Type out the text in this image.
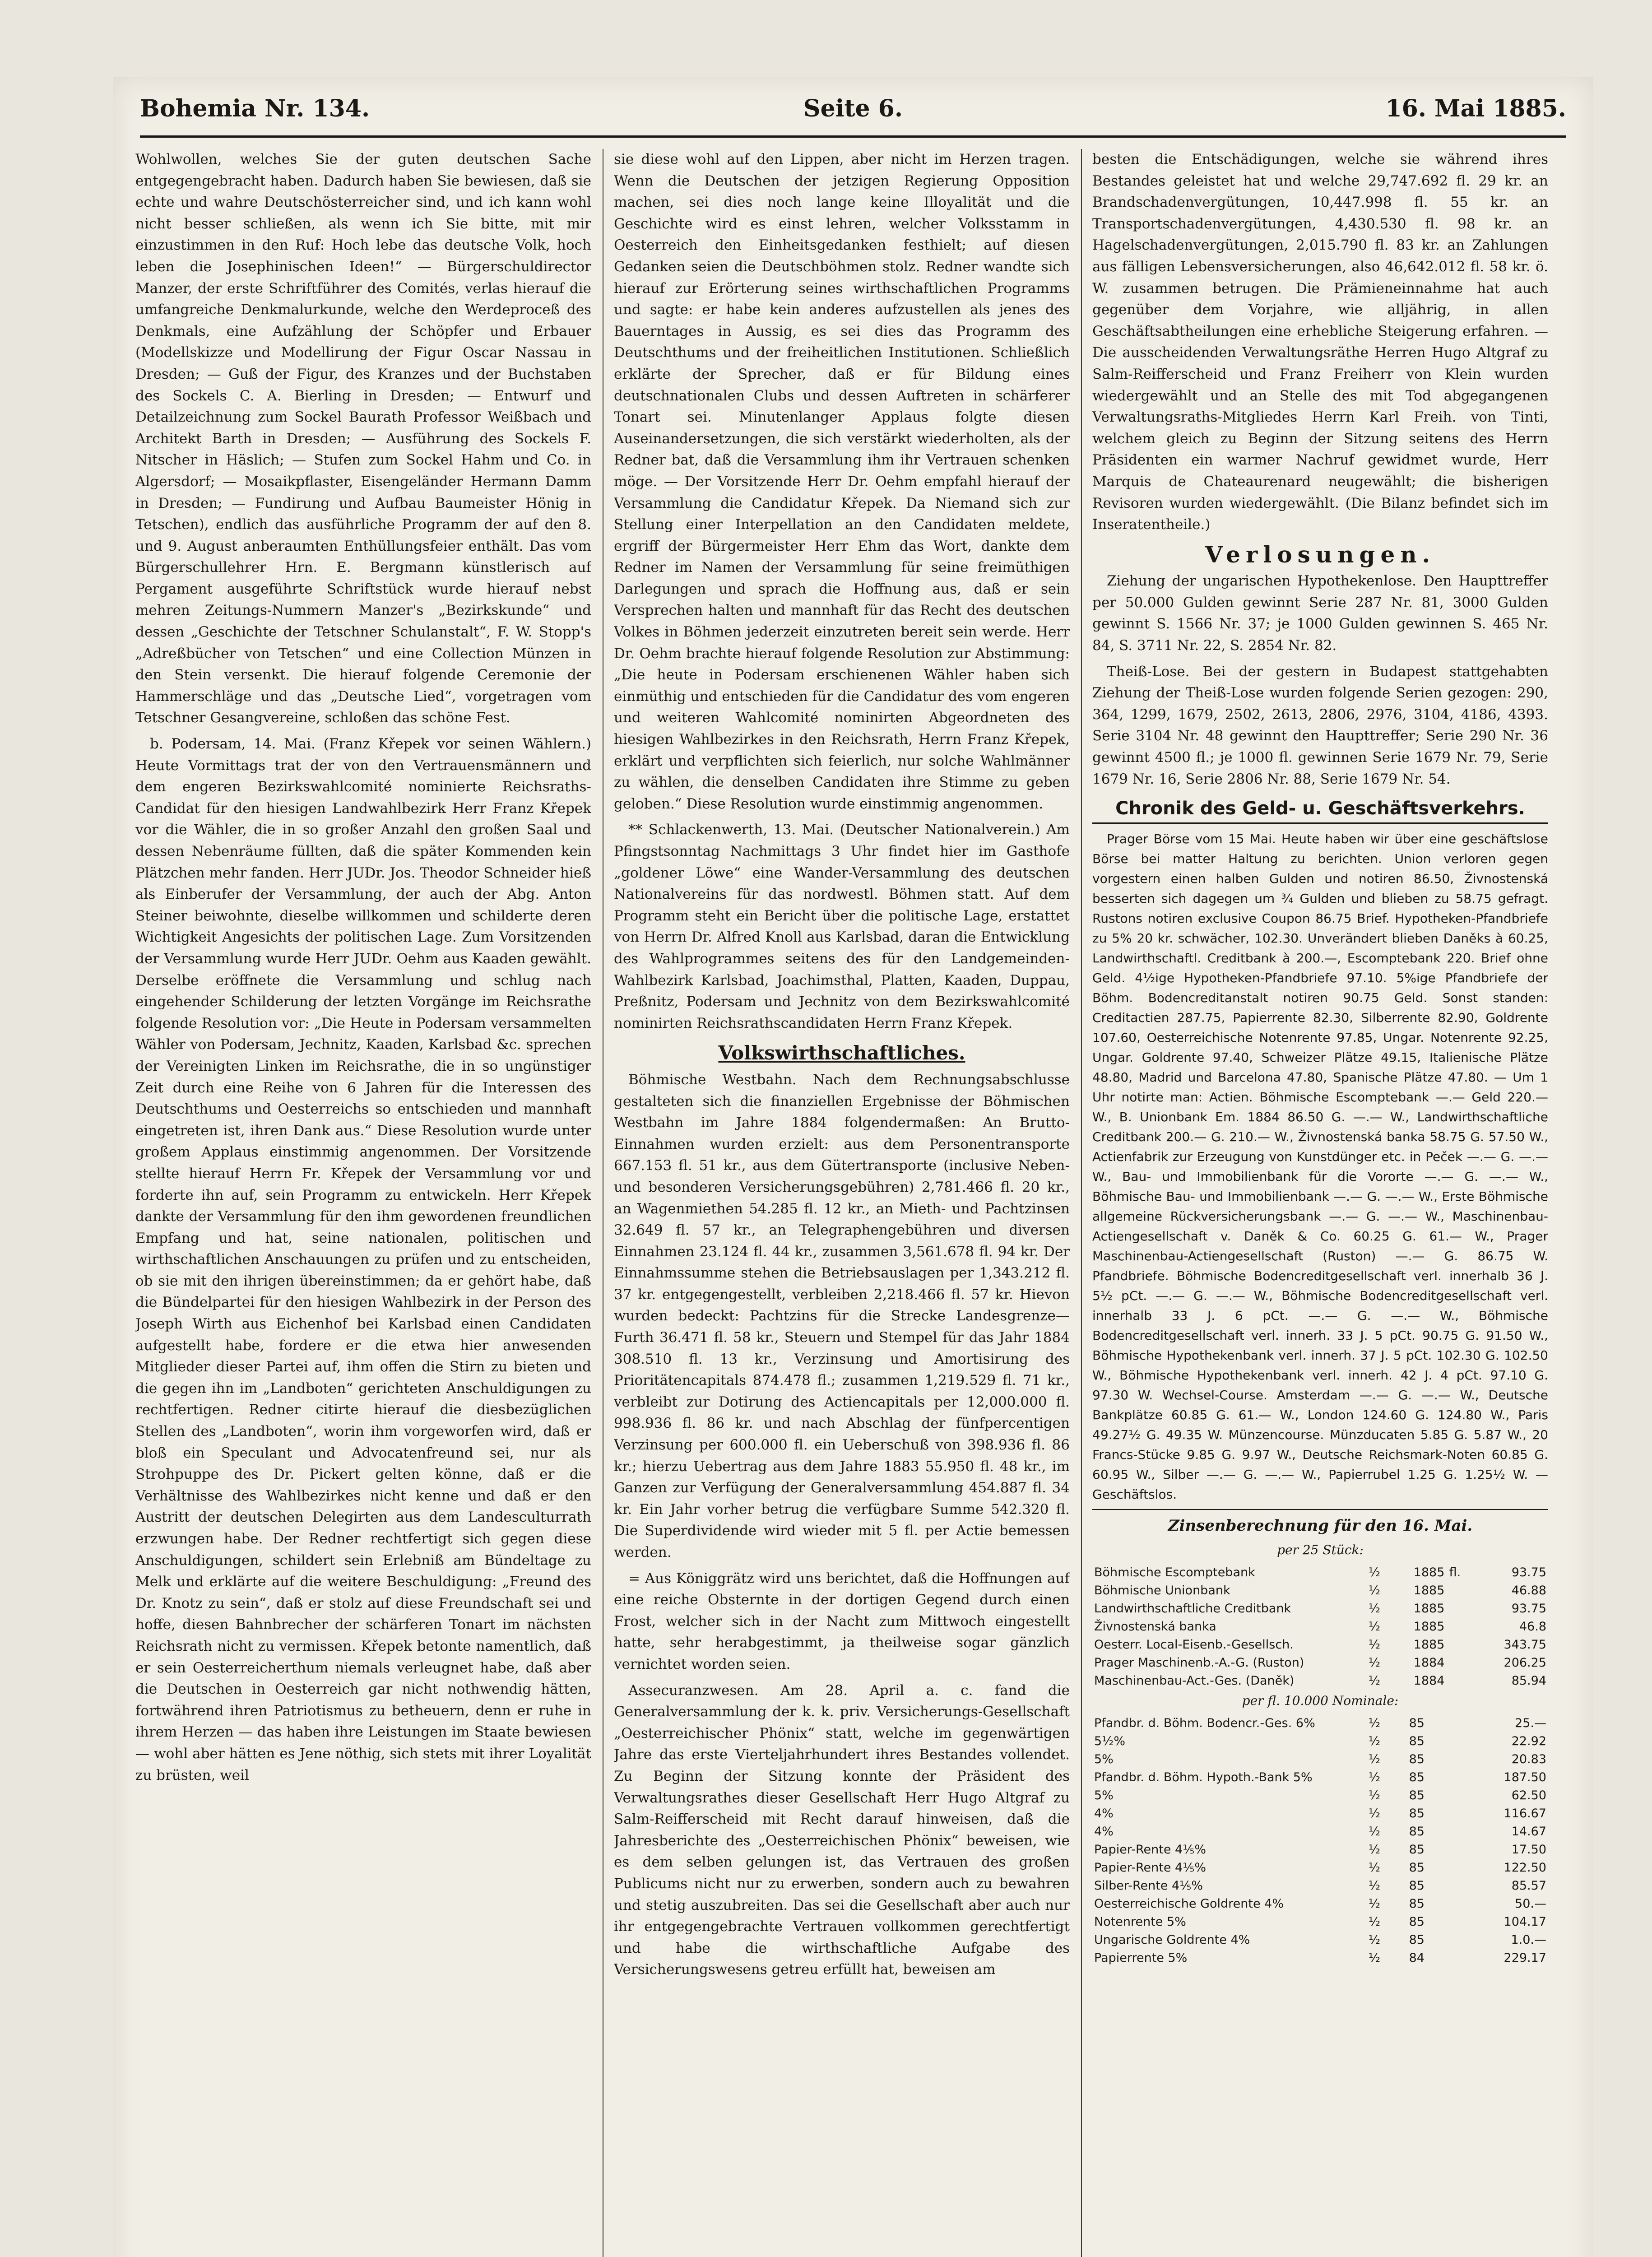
Bohemia Nr. 134.	Seite 6.	16. Mai 1885.

Wohlwollen, welches Sie der guten deutschen Sache entgegengebracht haben. Dadurch haben Sie bewiesen, daß sie echte und wahre Deutschösterreicher sind, und ich kann wohl nicht besser schließen, als wenn ich Sie bitte, mit mir einzustimmen in den Ruf: Hoch lebe das deutsche Volk, hoch leben die Josephinischen Ideen!“ — Bürgerschuldirector Manzer, der erste Schriftführer des Comités, verlas hierauf die umfangreiche Denkmalurkunde, welche den Werdeproceß des Denkmals, eine Aufzählung der Schöpfer und Erbauer (Modellskizze und Modellirung der Figur Oscar Nassau in Dresden; — Guß der Figur, des Kranzes und der Buchstaben des Sockels C. A. Bierling in Dresden; — Entwurf und Detailzeichnung zum Sockel Baurath Professor Weißbach und Architekt Barth in Dresden; — Ausführung des Sockels F. Nitscher in Häslich; — Stufen zum Sockel Hahm und Co. in Algersdorf; — Mosaikpflaster, Eisengeländer Hermann Damm in Dresden; — Fundirung und Aufbau Baumeister Hönig in Tetschen), endlich das ausführliche Programm der auf den 8. und 9. August anberaumten Enthüllungsfeier enthält. Das vom Bürgerschullehrer Hrn. E. Bergmann künstlerisch auf Pergament ausgeführte Schriftstück wurde hierauf nebst mehren Zeitungs-Nummern Manzer's „Bezirkskunde“ und dessen „Geschichte der Tetschner Schulanstalt“, F. W. Stopp's „Adreßbücher von Tetschen“ und eine Collection Münzen in den Stein versenkt. Die hierauf folgende Ceremonie der Hammerschläge und das „Deutsche Lied“, vorgetragen vom Tetschner Gesangvereine, schloßen das schöne Fest.

b. Podersam, 14. Mai. (Franz Křepek vor seinen Wählern.) Heute Vormittags trat der von den Vertrauensmännern und dem engeren Bezirkswahlcomité nominierte Reichsraths-Candidat für den hiesigen Landwahlbezirk Herr Franz Křepek vor die Wähler, die in so großer Anzahl den großen Saal und dessen Nebenräume füllten, daß die später Kommenden kein Plätzchen mehr fanden. Herr JUDr. Jos. Theodor Schneider hieß als Einberufer der Versammlung, der auch der Abg. Anton Steiner beiwohnte, dieselbe willkommen und schilderte deren Wichtigkeit Angesichts der politischen Lage. Zum Vorsitzenden der Versammlung wurde Herr JUDr. Oehm aus Kaaden gewählt. Derselbe eröffnete die Versammlung und schlug nach eingehender Schilderung der letzten Vorgänge im Reichsrathe folgende Resolution vor: „Die Heute in Podersam versammelten Wähler von Podersam, Jechnitz, Kaaden, Karlsbad &c. sprechen der Vereinigten Linken im Reichsrathe, die in so ungünstiger Zeit durch eine Reihe von 6 Jahren für die Interessen des Deutschthums und Oesterreichs so entschieden und mannhaft eingetreten ist, ihren Dank aus.“ Diese Resolution wurde unter großem Applaus einstimmig angenommen. Der Vorsitzende stellte hierauf Herrn Fr. Křepek der Versammlung vor und forderte ihn auf, sein Programm zu entwickeln. Herr Křepek dankte der Versammlung für den ihm gewordenen freundlichen Empfang und hat, seine nationalen, politischen und wirthschaftlichen Anschauungen zu prüfen und zu entscheiden, ob sie mit den ihrigen übereinstimmen; da er gehört habe, daß die Bündelpartei für den hiesigen Wahlbezirk in der Person des Joseph Wirth aus Eichenhof bei Karlsbad einen Candidaten aufgestellt habe, fordere er die etwa hier anwesenden Mitglieder dieser Partei auf, ihm offen die Stirn zu bieten und die gegen ihn im „Landboten“ gerichteten Anschuldigungen zu rechtfertigen. Redner citirte hierauf die diesbezüglichen Stellen des „Landboten“, worin ihm vorgeworfen wird, daß er bloß ein Speculant und Advocatenfreund sei, nur als Strohpuppe des Dr. Pickert gelten könne, daß er die Verhältnisse des Wahlbezirkes nicht kenne und daß er den Austritt der deutschen Delegirten aus dem Landesculturrath erzwungen habe. Der Redner rechtfertigt sich gegen diese Anschuldigungen, schildert sein Erlebniß am Bündeltage zu Melk und erklärte auf die weitere Beschuldigung: „Freund des Dr. Knotz zu sein“, daß er stolz auf diese Freundschaft sei und hoffe, diesen Bahnbrecher der schärferen Tonart im nächsten Reichsrath nicht zu vermissen. Křepek betonte namentlich, daß er sein Oesterreicherthum niemals verleugnet habe, daß aber die Deutschen in Oesterreich gar nicht nothwendig hätten, fortwährend ihren Patriotismus zu betheuern, denn er ruhe in ihrem Herzen — das haben ihre Leistungen im Staate bewiesen — wohl aber hätten es Jene nöthig, sich stets mit ihrer Loyalität zu brüsten, weil

sie diese wohl auf den Lippen, aber nicht im Herzen tragen. Wenn die Deutschen der jetzigen Regierung Opposition machen, sei dies noch lange keine Illoyalität und die Geschichte wird es einst lehren, welcher Volksstamm in Oesterreich den Einheitsgedanken festhielt; auf diesen Gedanken seien die Deutschböhmen stolz. Redner wandte sich hierauf zur Erörterung seines wirthschaftlichen Programms und sagte: er habe kein anderes aufzustellen als jenes des Bauerntages in Aussig, es sei dies das Programm des Deutschthums und der freiheitlichen Institutionen. Schließlich erklärte der Sprecher, daß er für Bildung eines deutschnationalen Clubs und dessen Auftreten in schärferer Tonart sei. Minutenlanger Applaus folgte diesen Auseinandersetzungen, die sich verstärkt wiederholten, als der Redner bat, daß die Versammlung ihm ihr Vertrauen schenken möge. — Der Vorsitzende Herr Dr. Oehm empfahl hierauf der Versammlung die Candidatur Křepek. Da Niemand sich zur Stellung einer Interpellation an den Candidaten meldete, ergriff der Bürgermeister Herr Ehm das Wort, dankte dem Redner im Namen der Versammlung für seine freimüthigen Darlegungen und sprach die Hoffnung aus, daß er sein Versprechen halten und mannhaft für das Recht des deutschen Volkes in Böhmen jederzeit einzutreten bereit sein werde. Herr Dr. Oehm brachte hierauf folgende Resolution zur Abstimmung: „Die heute in Podersam erschienenen Wähler haben sich einmüthig und entschieden für die Candidatur des vom engeren und weiteren Wahlcomité nominirten Abgeordneten des hiesigen Wahlbezirkes in den Reichsrath, Herrn Franz Křepek, erklärt und verpflichten sich feierlich, nur solche Wahlmänner zu wählen, die denselben Candidaten ihre Stimme zu geben geloben.“ Diese Resolution wurde einstimmig angenommen.

** Schlackenwerth, 13. Mai. (Deutscher Nationalverein.) Am Pfingstsonntag Nachmittags 3 Uhr findet hier im Gasthofe „goldener Löwe“ eine Wander-Versammlung des deutschen Nationalvereins für das nordwestl. Böhmen statt. Auf dem Programm steht ein Bericht über die politische Lage, erstattet von Herrn Dr. Alfred Knoll aus Karlsbad, daran die Entwicklung des Wahlprogrammes seitens des für den Landgemeinden-Wahlbezirk Karlsbad, Joachimsthal, Platten, Kaaden, Duppau, Preßnitz, Podersam und Jechnitz von dem Bezirkswahlcomité nominirten Reichsrathscandidaten Herrn Franz Křepek.

Volkswirthschaftliches.

Böhmische Westbahn. Nach dem Rechnungsabschlusse gestalteten sich die finanziellen Ergebnisse der Böhmischen Westbahn im Jahre 1884 folgendermaßen: An Brutto-Einnahmen wurden erzielt: aus dem Personentransporte 667.153 fl. 51 kr., aus dem Gütertransporte (inclusive Neben- und besonderen Versicherungsgebühren) 2,781.466 fl. 20 kr., an Wagenmiethen 54.285 fl. 12 kr., an Mieth- und Pachtzinsen 32.649 fl. 57 kr., an Telegraphengebühren und diversen Einnahmen 23.124 fl. 44 kr., zusammen 3,561.678 fl. 94 kr. Der Einnahmssumme stehen die Betriebsauslagen per 1,343.212 fl. 37 kr. entgegengestellt, verbleiben 2,218.466 fl. 57 kr. Hievon wurden bedeckt: Pachtzins für die Strecke Landesgrenze—Furth 36.471 fl. 58 kr., Steuern und Stempel für das Jahr 1884 308.510 fl. 13 kr., Verzinsung und Amortisirung des Prioritätencapitals 874.478 fl.; zusammen 1,219.529 fl. 71 kr., verbleibt zur Dotirung des Actiencapitals per 12,000.000 fl. 998.936 fl. 86 kr. und nach Abschlag der fünfpercentigen Verzinsung per 600.000 fl. ein Ueberschuß von 398.936 fl. 86 kr.; hierzu Uebertrag aus dem Jahre 1883 55.950 fl. 48 kr., im Ganzen zur Verfügung der Generalversammlung 454.887 fl. 34 kr. Ein Jahr vorher betrug die verfügbare Summe 542.320 fl. Die Superdividende wird wieder mit 5 fl. per Actie bemessen werden.

= Aus Königgrätz wird uns berichtet, daß die Hoffnungen auf eine reiche Obsternte in der dortigen Gegend durch einen Frost, welcher sich in der Nacht zum Mittwoch eingestellt hatte, sehr herabgestimmt, ja theilweise sogar gänzlich vernichtet worden seien.

Assecuranzwesen. Am 28. April a. c. fand die Generalversammlung der k. k. priv. Versicherungs-Gesellschaft „Oesterreichischer Phönix“ statt, welche im gegenwärtigen Jahre das erste Vierteljahrhundert ihres Bestandes vollendet. Zu Beginn der Sitzung konnte der Präsident des Verwaltungsrathes dieser Gesellschaft Herr Hugo Altgraf zu Salm-Reifferscheid mit Recht darauf hinweisen, daß die Jahresberichte des „Oesterreichischen Phönix“ beweisen, wie es dem selben gelungen ist, das Vertrauen des großen Publicums nicht nur zu erwerben, sondern auch zu bewahren und stetig auszubreiten. Das sei die Gesellschaft aber auch nur ihr entgegengebrachte Vertrauen vollkommen gerechtfertigt und habe die wirthschaftliche Aufgabe des Versicherungswesens getreu erfüllt hat, beweisen am

besten die Entschädigungen, welche sie während ihres Bestandes geleistet hat und welche 29,747.692 fl. 29 kr. an Brandschadenvergütungen, 10,447.998 fl. 55 kr. an Transportschadenvergütungen, 4,430.530 fl. 98 kr. an Hagelschadenvergütungen, 2,015.790 fl. 83 kr. an Zahlungen aus fälligen Lebensversicherungen, also 46,642.012 fl. 58 kr. ö. W. zusammen betrugen. Die Prämieneinnahme hat auch gegenüber dem Vorjahre, wie alljährig, in allen Geschäftsabtheilungen eine erhebliche Steigerung erfahren. — Die ausscheidenden Verwaltungsräthe Herren Hugo Altgraf zu Salm-Reifferscheid und Franz Freiherr von Klein wurden wiedergewählt und an Stelle des mit Tod abgegangenen Verwaltungsraths-Mitgliedes Herrn Karl Freih. von Tinti, welchem gleich zu Beginn der Sitzung seitens des Herrn Präsidenten ein warmer Nachruf gewidmet wurde, Herr Marquis de Chateaurenard neugewählt; die bisherigen Revisoren wurden wiedergewählt. (Die Bilanz befindet sich im Inseratentheile.)

Verlosungen.

Ziehung der ungarischen Hypothekenlose. Den Haupttreffer per 50.000 Gulden gewinnt Serie 287 Nr. 81, 3000 Gulden gewinnt S. 1566 Nr. 37; je 1000 Gulden gewinnen S. 465 Nr. 84, S. 3711 Nr. 22, S. 2854 Nr. 82.

Theiß-Lose. Bei der gestern in Budapest stattgehabten Ziehung der Theiß-Lose wurden folgende Serien gezogen: 290, 364, 1299, 1679, 2502, 2613, 2806, 2976, 3104, 4186, 4393. Serie 3104 Nr. 48 gewinnt den Haupttreffer; Serie 290 Nr. 36 gewinnt 4500 fl.; je 1000 fl. gewinnen Serie 1679 Nr. 79, Serie 1679 Nr. 16, Serie 2806 Nr. 88, Serie 1679 Nr. 54.

Chronik des Geld- u. Geschäftsverkehrs.

Prager Börse vom 15 Mai. Heute haben wir über eine geschäftslose Börse bei matter Haltung zu berichten. Union verloren gegen vorgestern einen halben Gulden und notiren 86.50, Živnostenská besserten sich dagegen um ¾ Gulden und blieben zu 58.75 gefragt. Rustons notiren exclusive Coupon 86.75 Brief. Hypotheken-Pfandbriefe zu 5% 20 kr. schwächer, 102.30. Unverändert blieben Daněks à 60.25, Landwirthschaftl. Creditbank à 200.—, Escomptebank 220. Brief ohne Geld. 4½ige Hypotheken-Pfandbriefe 97.10. 5%ige Pfandbriefe der Böhm. Bodencreditanstalt notiren 90.75 Geld. Sonst standen: Creditactien 287.75, Papierrente 82.30, Silberrente 82.90, Goldrente 107.60, Oesterreichische Notenrente 97.85, Ungar. Notenrente 92.25, Ungar. Goldrente 97.40, Schweizer Plätze 49.15, Italienische Plätze 48.80, Madrid und Barcelona 47.80, Spanische Plätze 47.80. — Um 1 Uhr notirte man: Actien. Böhmische Escomptebank —.— Geld 220.— W., B. Unionbank Em. 1884 86.50 G. —.— W., Landwirthschaftliche Creditbank 200.— G. 210.— W., Živnostenská banka 58.75 G. 57.50 W., Actienfabrik zur Erzeugung von Kunstdünger etc. in Peček —.— G. —.— W., Bau- und Immobilienbank für die Vororte —.— G. —.— W., Böhmische Bau- und Immobilienbank —.— G. —.— W., Erste Böhmische allgemeine Rückversicherungsbank —.— G. —.— W., Maschinenbau-Actiengesellschaft v. Daněk & Co. 60.25 G. 61.— W., Prager Maschinenbau-Actiengesellschaft (Ruston) —.— G. 86.75 W. Pfandbriefe. Böhmische Bodencreditgesellschaft verl. innerhalb 36 J. 5½ pCt. —.— G. —.— W., Böhmische Bodencreditgesellschaft verl. innerhalb 33 J. 6 pCt. —.— G. —.— W., Böhmische Bodencreditgesellschaft verl. innerh. 33 J. 5 pCt. 90.75 G. 91.50 W., Böhmische Hypothekenbank verl. innerh. 37 J. 5 pCt. 102.30 G. 102.50 W., Böhmische Hypothekenbank verl. innerh. 42 J. 4 pCt. 97.10 G. 97.30 W. Wechsel-Course. Amsterdam —.— G. —.— W., Deutsche Bankplätze 60.85 G. 61.— W., London 124.60 G. 124.80 W., Paris 49.27½ G. 49.35 W. Münzencourse. Münzducaten 5.85 G. 5.87 W., 20 Francs-Stücke 9.85 G. 9.97 W., Deutsche Reichsmark-Noten 60.85 G. 60.95 W., Silber —.— G. —.— W., Papierrubel 1.25 G. 1.25½ W. — Geschäftslos.

Zinsenberechnung für den 16. Mai.
per 25 Stück:
Böhmische Escomptebank	½	1885	fl.	93.75
Böhmische Unionbank	½	1885		46.88
Landwirthschaftliche Creditbank	½	1885		93.75
Živnostenská banka	½	1885		46.8
Oesterr. Local-Eisenb.-Gesellsch.	½	1885		343.75
Prager Maschinenb.-A.-G. (Ruston)	½	1884		206.25
Maschinenbau-Act.-Ges. (Daněk)	½	1884		85.94
per fl. 10.000 Nominale:
Pfandbr. d. Böhm. Bodencr.-Ges. 6%	½	85		25.—
5½%	½	85		22.92
5%	½	85		20.83
Pfandbr. d. Böhm. Hypoth.-Bank 5%	½	85		187.50
5%	½	85		62.50
4%	½	85		116.67
4%	½	85		14.67
Papier-Rente 4⅕%	½	85		17.50
Papier-Rente 4⅕%	½	85		122.50
Silber-Rente 4⅕%	½	85		85.57
Oesterreichische Goldrente 4%	½	85		50.—
Notenrente 5%	½	85		104.17
Ungarische Goldrente 4%	½	85		1.0.—
Papierrente 5%	½	84		229.17
